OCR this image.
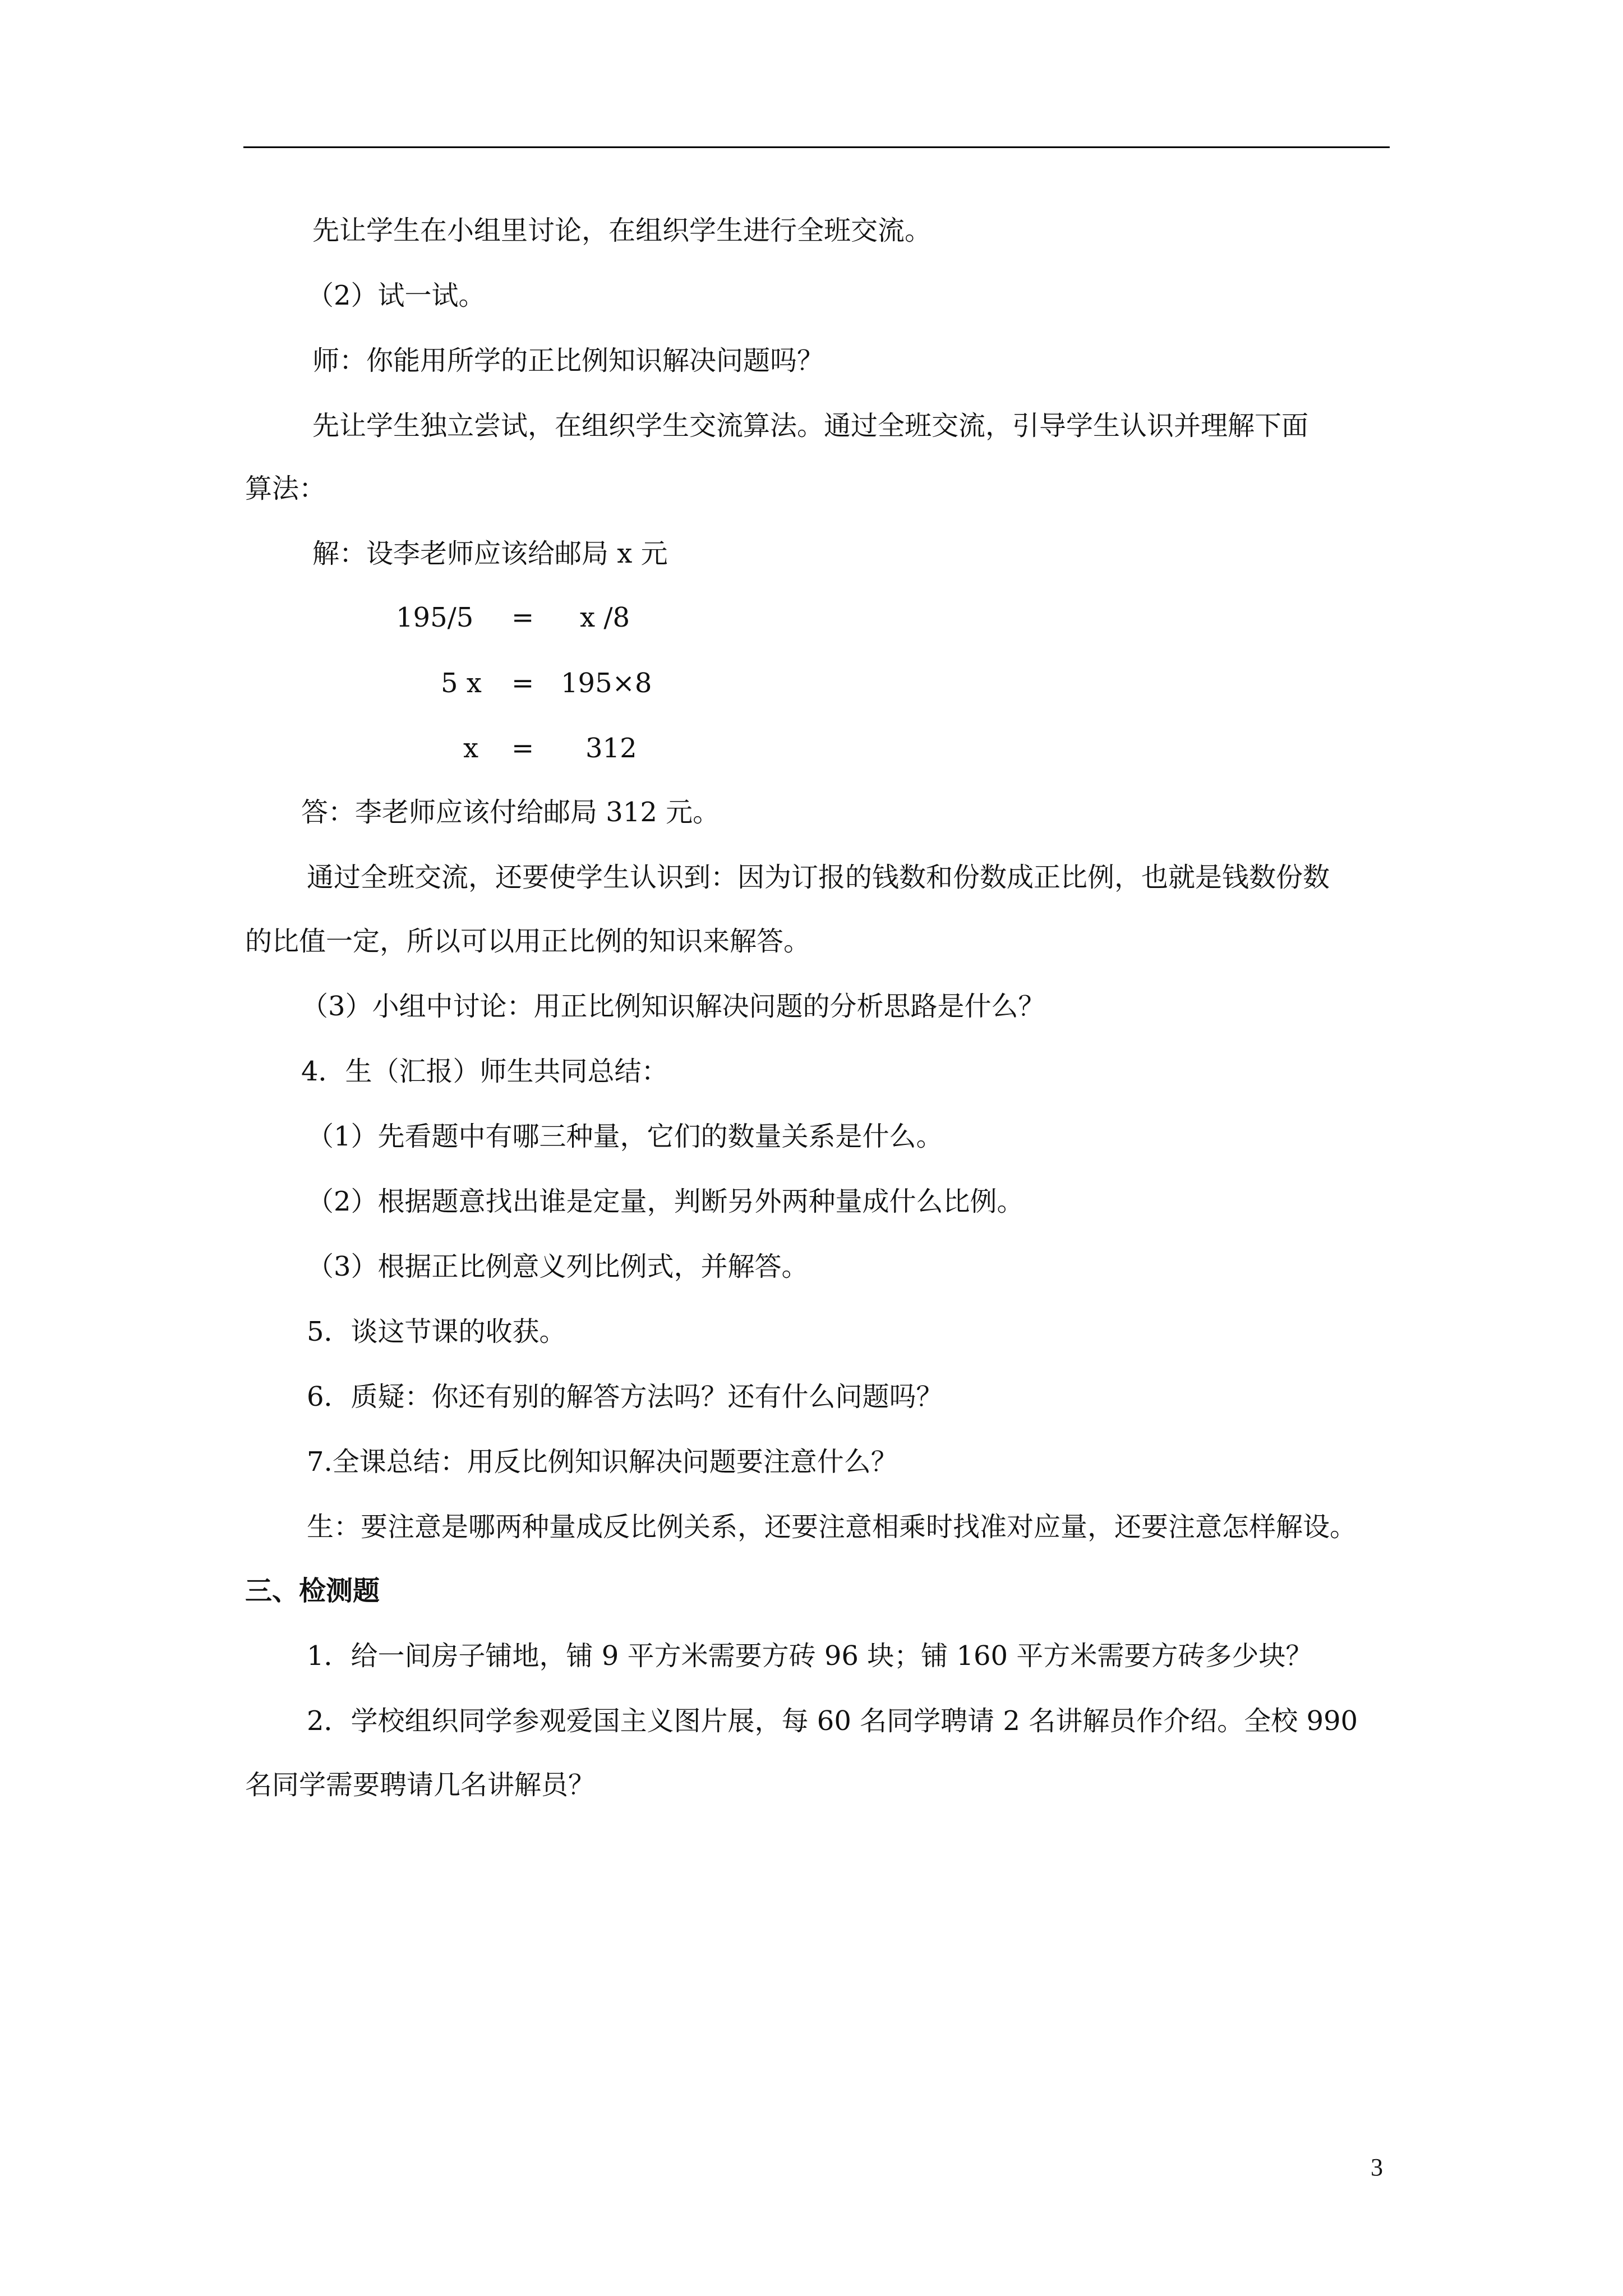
先让学生在小组里讨论，在组织学生进行全班交流。

（2）试一试。

师：你能用所学的正比例知识解决问题吗？

先让学生独立尝试，在组织学生交流算法。通过全班交流，引导学生认识并理解下面

算法：

解：设李老师应该给邮局 x 元

195/5 = x /8

5 x = 195×8

x = 312

答：李老师应该付给邮局 312 元。

通过全班交流，还要使学生认识到：因为订报的钱数和份数成正比例，也就是钱数份数

的比值一定，所以可以用正比例的知识来解答。

（3）小组中讨论：用正比例知识解决问题的分析思路是什么？

4．生（汇报）师生共同总结：

（1）先看题中有哪三种量，它们的数量关系是什么。

（2）根据题意找出谁是定量，判断另外两种量成什么比例。

（3）根据正比例意义列比例式，并解答。

5．谈这节课的收获。

6．质疑：你还有别的解答方法吗？还有什么问题吗？

7.全课总结：用反比例知识解决问题要注意什么？

生：要注意是哪两种量成反比例关系，还要注意相乘时找准对应量，还要注意怎样解设。

三、检测题

1．给一间房子铺地，铺 9 平方米需要方砖 96 块；铺 160 平方米需要方砖多少块？

2．学校组织同学参观爱国主义图片展，每 60 名同学聘请 2 名讲解员作介绍。全校 990

名同学需要聘请几名讲解员？

3
